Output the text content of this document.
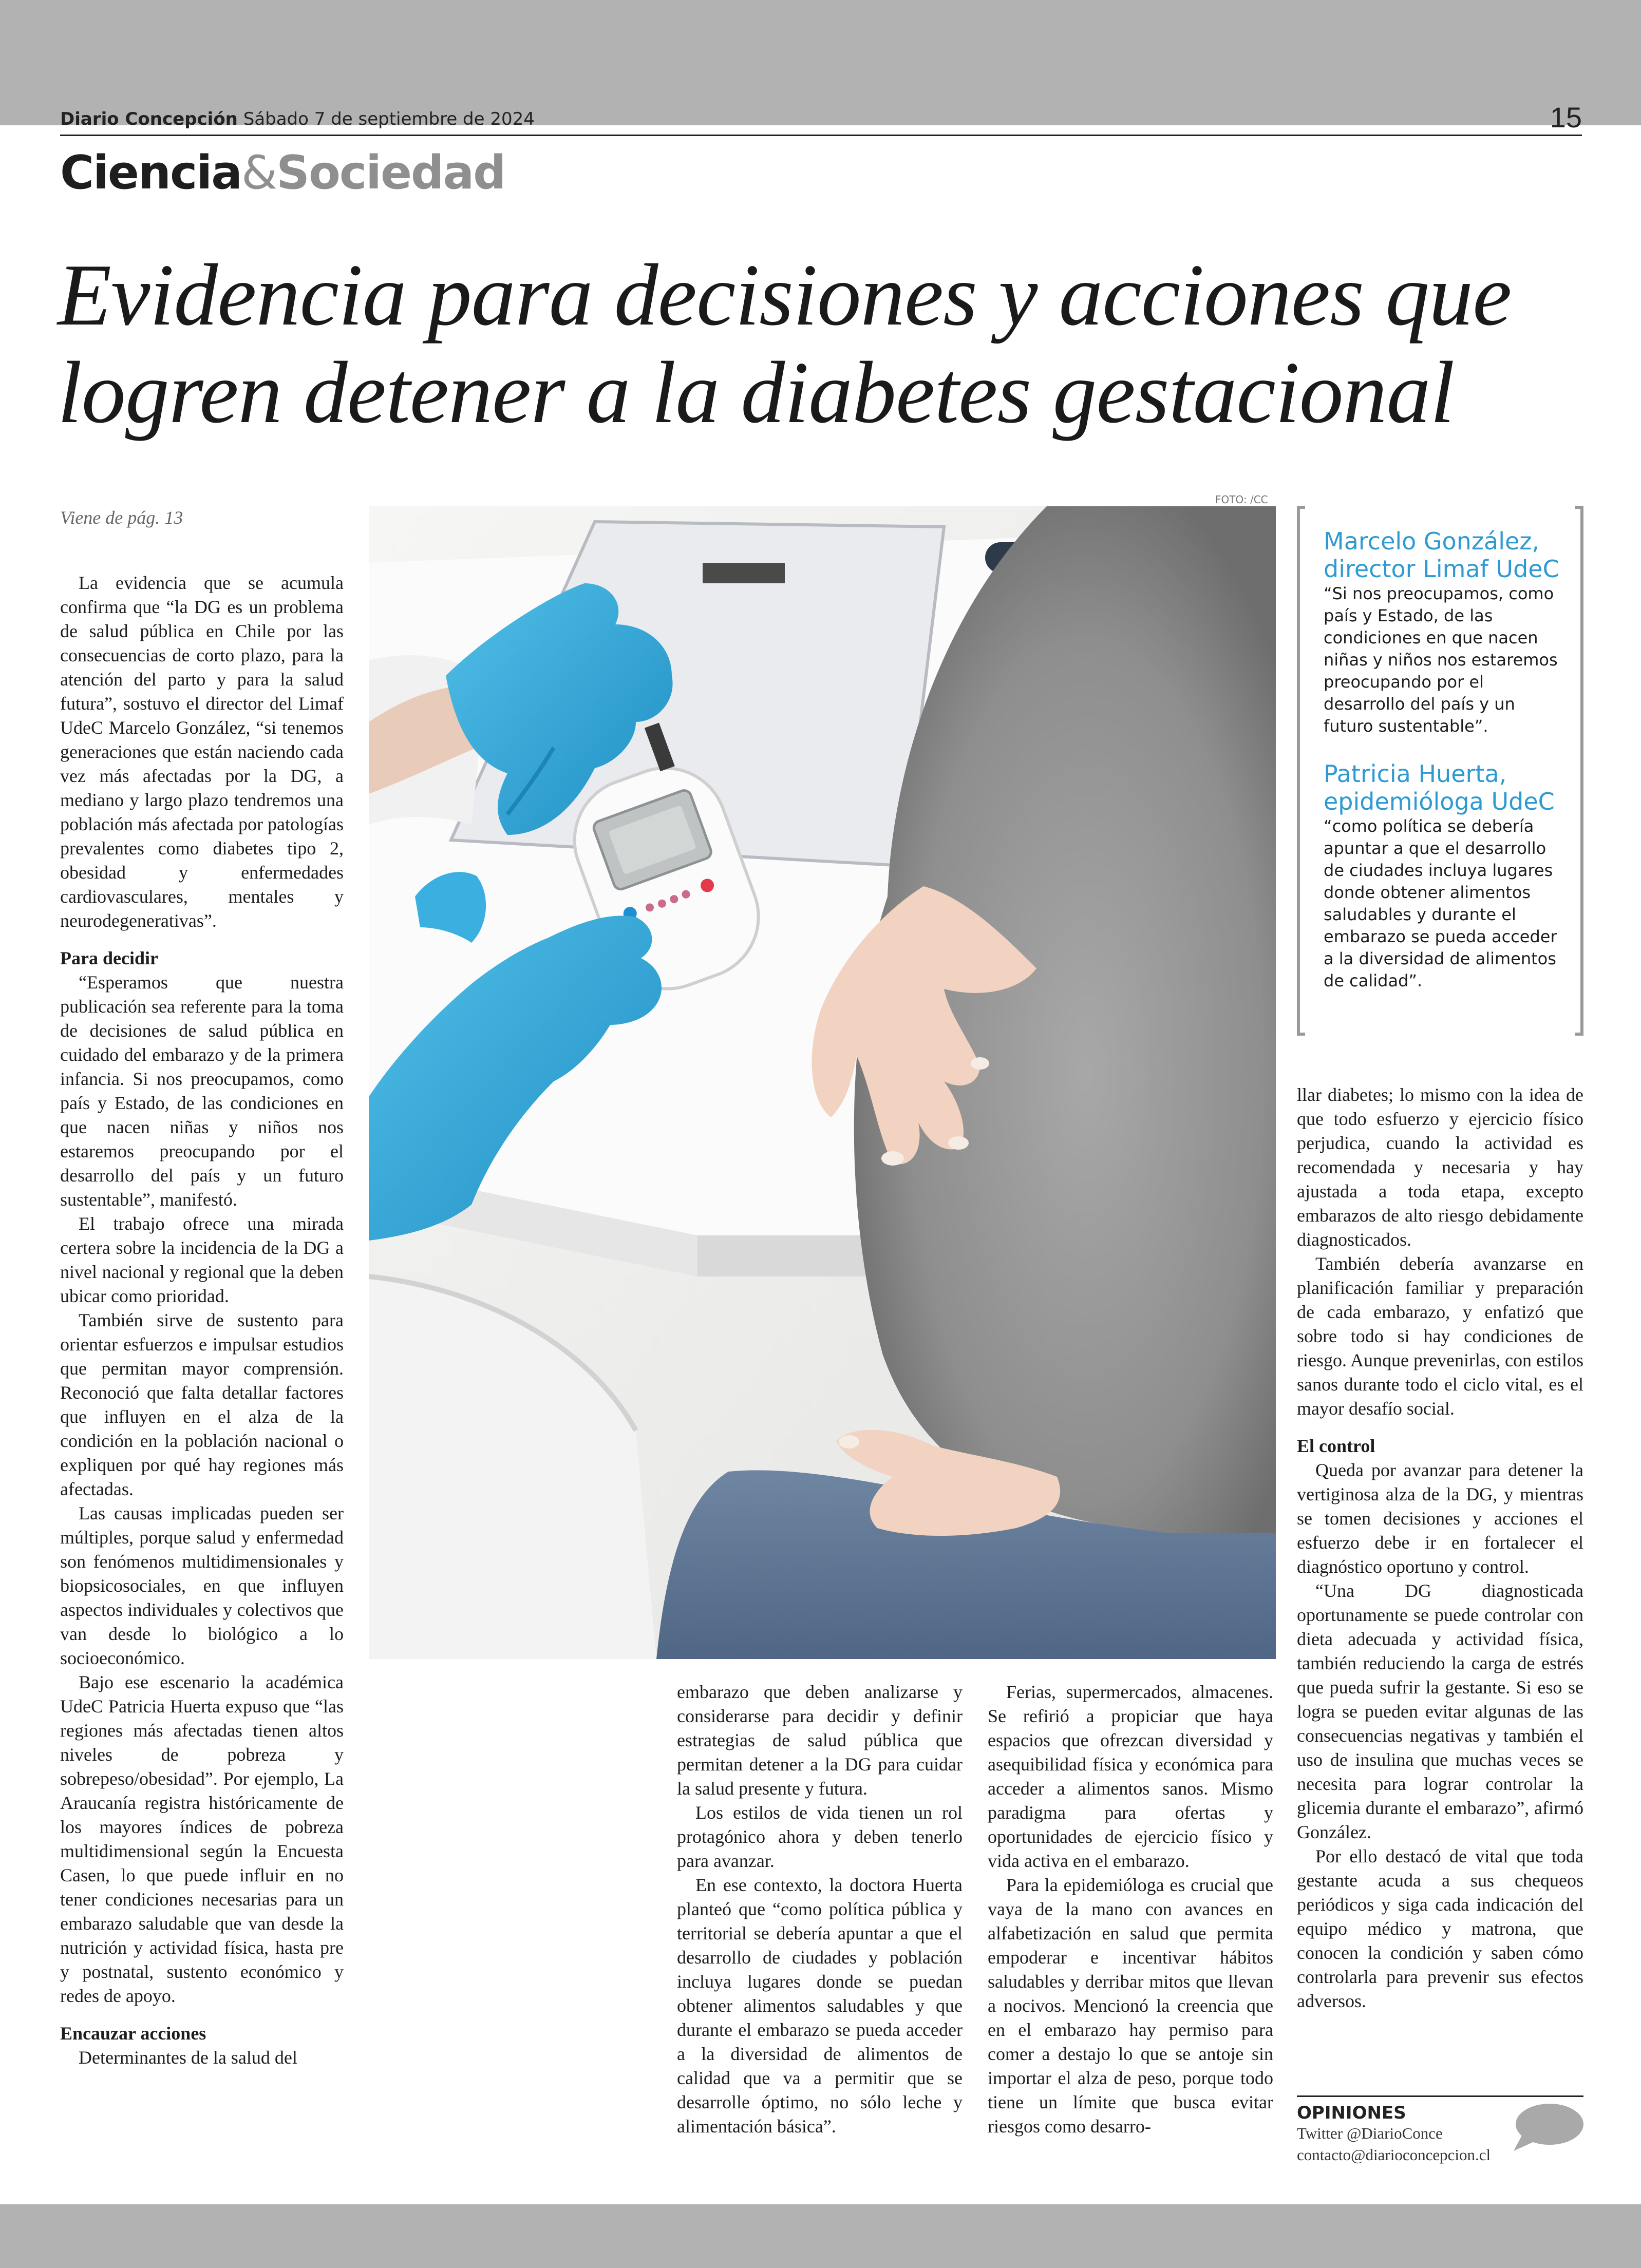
Diario Concepción Sábado 7 de septiembre de 2024	15
Ciencia&Sociedad
Evidencia para decisiones y acciones que
logren detener a la diabetes gestacional
FOTO: /CC

Viene de pág. 13

La evidencia que se acumula confirma que “la DG es un problema de salud pública en Chile por las consecuencias de corto plazo, para la atención del parto y para la salud futura”, sostuvo el director del Limaf UdeC Marcelo González, “si tenemos generaciones que están naciendo cada vez más afectadas por la DG, a mediano y largo plazo tendremos una población más afectada por patologías prevalentes como diabetes tipo 2, obesidad y enfermedades cardiovasculares, mentales y neurodegenerativas”.

Para decidir

“Esperamos que nuestra publicación sea referente para la toma de decisiones de salud pública en cuidado del embarazo y de la primera infancia. Si nos preocupamos, como país y Estado, de las condiciones en que nacen niñas y niños nos estaremos preocupando por el desarrollo del país y un futuro sustentable”, manifestó.

El trabajo ofrece una mirada certera sobre la incidencia de la DG a nivel nacional y regional que la deben ubicar como prioridad.

También sirve de sustento para orientar esfuerzos e impulsar estudios que permitan mayor comprensión. Reconoció que falta detallar factores que influyen en el alza de la condición en la población nacional o expliquen por qué hay regiones más afectadas.

Las causas implicadas pueden ser múltiples, porque salud y enfermedad son fenómenos multidimensionales y biopsicosociales, en que influyen aspectos individuales y colectivos que van desde lo biológico a lo socioeconómico.

Bajo ese escenario la académica UdeC Patricia Huerta expuso que “las regiones más afectadas tienen altos niveles de pobreza y sobrepeso/obesidad”. Por ejemplo, La Araucanía registra históricamente de los mayores índices de pobreza multidimensional según la Encuesta Casen, lo que puede influir en no tener condiciones necesarias para un embarazo saludable que van desde la nutrición y actividad física, hasta pre y postnatal, sustento económico y redes de apoyo.

Encauzar acciones

Determinantes de la salud del

embarazo que deben analizarse y considerarse para decidir y definir estrategias de salud pública que permitan detener a la DG para cuidar la salud presente y futura.

Los estilos de vida tienen un rol protagónico ahora y deben tenerlo para avanzar.

En ese contexto, la doctora Huerta planteó que “como política pública y territorial se debería apuntar a que el desarrollo de ciudades y población incluya lugares donde se puedan obtener alimentos saludables y que durante el embarazo se pueda acceder a la diversidad de alimentos de calidad que va a permitir que se desarrolle óptimo, no sólo leche y alimentación básica”.

Ferias, supermercados, almacenes. Se refirió a propiciar que haya espacios que ofrezcan diversidad y asequibilidad física y económica para acceder a alimentos sanos. Mismo paradigma para ofertas y oportunidades de ejercicio físico y vida activa en el embarazo.

Para la epidemióloga es crucial que vaya de la mano con avances en alfabetización en salud que permita empoderar e incentivar hábitos saludables y derribar mitos que llevan a nocivos. Mencionó la creencia que en el embarazo hay permiso para comer a destajo lo que se antoje sin importar el alza de peso, porque todo tiene un límite que busca evitar riesgos como desarro-

Marcelo González, director Limaf UdeC
“Si nos preocupamos, como país y Estado, de las condiciones en que nacen niñas y niños nos estaremos preocupando por el desarrollo del país y un futuro sustentable”.
Patricia Huerta, epidemióloga UdeC
“como política se debería apuntar a que el desarrollo de ciudades incluya lugares donde obtener alimentos saludables y durante el embarazo se pueda acceder a la diversidad de alimentos de calidad”.

llar diabetes; lo mismo con la idea de que todo esfuerzo y ejercicio físico perjudica, cuando la actividad es recomendada y necesaria y hay ajustada a toda etapa, excepto embarazos de alto riesgo debidamente diagnosticados.

También debería avanzarse en planificación familiar y preparación de cada embarazo, y enfatizó que sobre todo si hay condiciones de riesgo. Aunque prevenirlas, con estilos sanos durante todo el ciclo vital, es el mayor desafío social.

El control

Queda por avanzar para detener la vertiginosa alza de la DG, y mientras se tomen decisiones y acciones el esfuerzo debe ir en fortalecer el diagnóstico oportuno y control.

“Una DG diagnosticada oportunamente se puede controlar con dieta adecuada y actividad física, también reduciendo la carga de estrés que pueda sufrir la gestante. Si eso se logra se pueden evitar algunas de las consecuencias negativas y también el uso de insulina que muchas veces se necesita para lograr controlar la glicemia durante el embarazo”, afirmó González.

Por ello destacó de vital que toda gestante acuda a sus chequeos periódicos y siga cada indicación del equipo médico y matrona, que conocen la condición y saben cómo controlarla para prevenir sus efectos adversos.

OPINIONES
Twitter @DiarioConce
contacto@diarioconcepcion.cl
